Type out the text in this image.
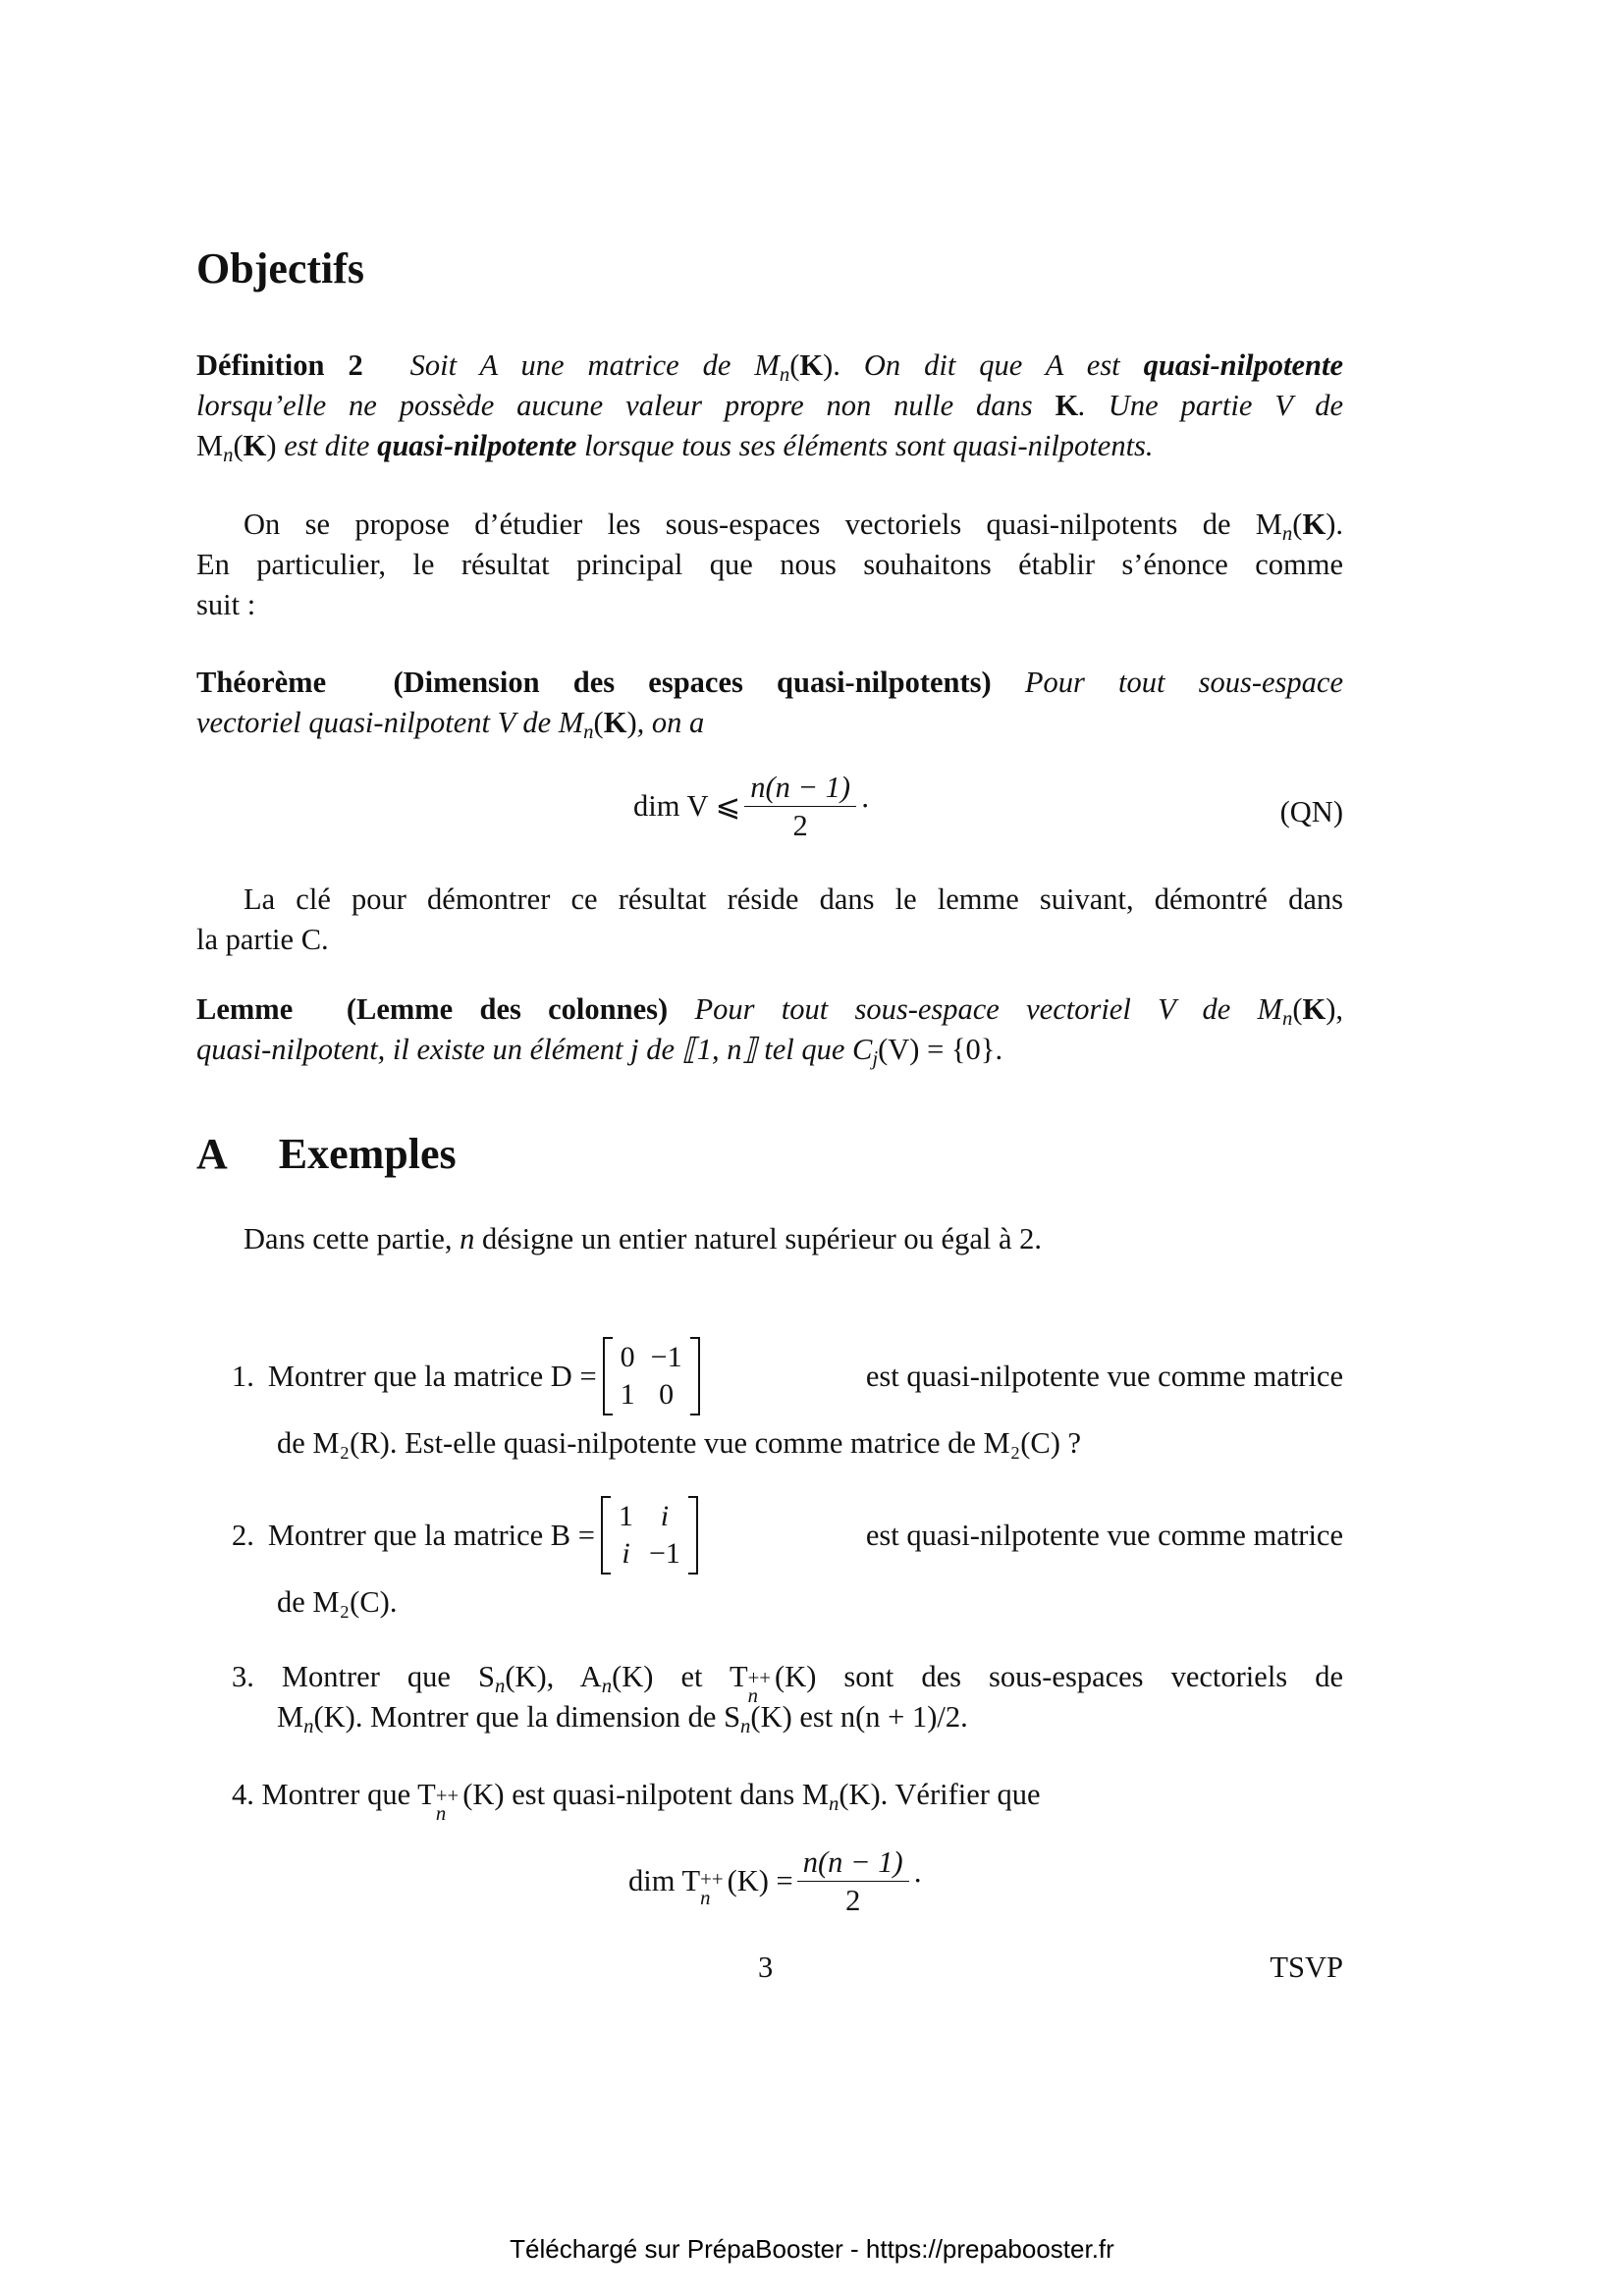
Objectifs
Définition 2 Soit A une matrice de $M_n(K)$. On dit que A est quasi-nilpotente
lorsqu’elle ne possède aucune valeur propre non nulle dans K. Une partie V de
$M_n(K)$ est dite quasi-nilpotente lorsque tous ses éléments sont quasi-nilpotents.
On se propose d’étudier les sous-espaces vectoriels quasi-nilpotents de $M_n(K)$.
En particulier, le résultat principal que nous souhaitons établir s’énonce comme
suit :
Théorème (Dimension des espaces quasi-nilpotents) Pour tout sous-espace
vectoriel quasi-nilpotent V de $M_n(K)$, on a
dim V ⩽ $\frac{n(n - 1)}{2}$ ·	(QN)
La clé pour démontrer ce résultat réside dans le lemme suivant, démontré dans
la partie C.
Lemme (Lemme des colonnes) Pour tout sous-espace vectoriel V de $M_n(K)$,
quasi-nilpotent, il existe un élément j de ⟦1, n⟧ tel que $C_j(V) = \{0\}$.
A Exemples
Dans cette partie, n désigne un entier naturel supérieur ou égal à 2.
1. Montrer que la matrice D =
0	−1
1	0
est quasi-nilpotente vue comme matrice
de M₂(R). Est-elle quasi-nilpotente vue comme matrice de M₂(C) ?
2. Montrer que la matrice B =
1	i
i	−1
est quasi-nilpotente vue comme matrice
de M₂(C).
3. Montrer que $S_n(K)$, $A_n(K)$ et T ++
n
(K) sont des sous-espaces vectoriels de
$M_n(K)$. Montrer que la dimension de $S_n(K)$ est n(n + 1)/2.
4. Montrer que T ++
n
(K) est quasi-nilpotent dans $M_n(K)$. Vérifier que
dim T ++
n
$(K) = \frac{n(n - 1)}{2}$ ·
3	TSVP
Téléchargé sur PrépaBooster - https://prepabooster.fr
